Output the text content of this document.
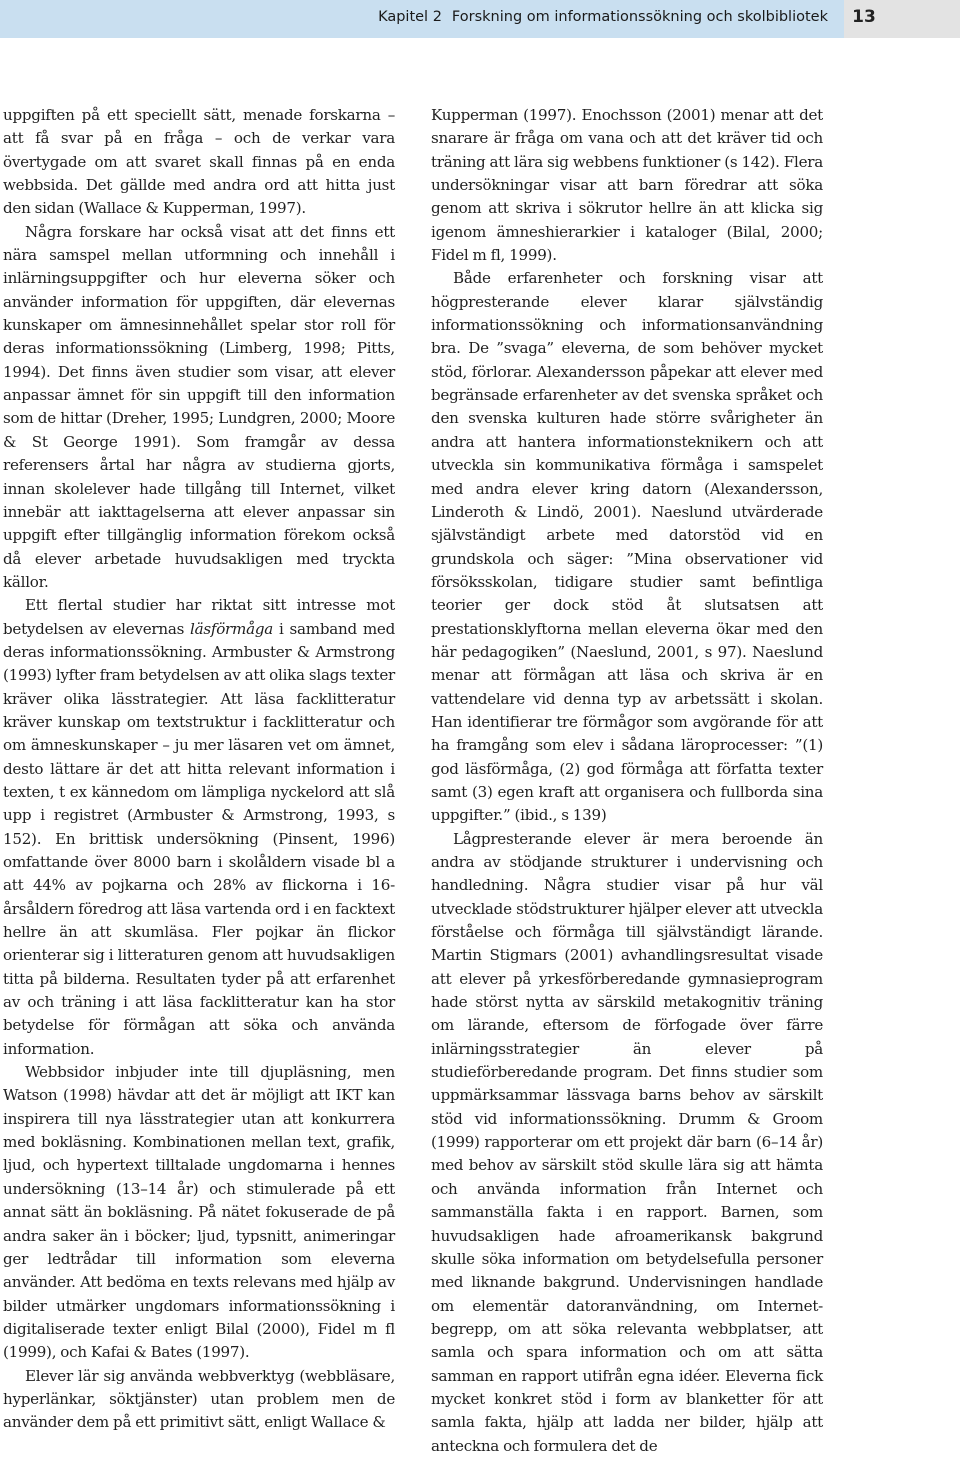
Kapitel 2 Forskning om informationssökning och skolbibliotek	13

uppgiften på ett speciellt sätt, menade forskarna – att få svar på en fråga – och de verkar vara övertygade om att svaret skall finnas på en enda webbsida. Det gällde med andra ord att hitta just den sidan (Wallace & Kupperman, 1997).

Några forskare har också visat att det finns ett nära samspel mellan utformning och innehåll i inlärningsuppgifter och hur eleverna söker och använder information för uppgiften, där elevernas kunskaper om ämnesinnehållet spelar stor roll för deras informationssökning (Limberg, 1998; Pitts, 1994). Det finns även studier som visar, att elever anpassar ämnet för sin uppgift till den information som de hittar (Dreher, 1995; Lundgren, 2000; Moore & St George 1991). Som framgår av dessa referensers årtal har några av studierna gjorts, innan skolelever hade tillgång till Internet, vilket innebär att iakttagelserna att elever anpassar sin uppgift efter tillgänglig information förekom också då elever arbetade huvudsakligen med tryckta källor.

Ett flertal studier har riktat sitt intresse mot betydelsen av elevernas läsförmåga i samband med deras informationssökning. Armbuster & Armstrong (1993) lyfter fram betydelsen av att olika slags texter kräver olika lässtrategier. Att läsa facklitteratur kräver kunskap om textstruktur i facklitteratur och om ämneskunskaper – ju mer läsaren vet om ämnet, desto lättare är det att hitta relevant information i texten, t ex kännedom om lämpliga nyckelord att slå upp i registret (Armbuster & Armstrong, 1993, s 152). En brittisk undersökning (Pinsent, 1996) omfattande över 8000 barn i skolåldern visade bl a att 44% av pojkarna och 28% av flickorna i 16-årsåldern föredrog att läsa vartenda ord i en facktext hellre än att skumläsa. Fler pojkar än flickor orienterar sig i litteraturen genom att huvudsakligen titta på bilderna. Resultaten tyder på att erfarenhet av och träning i att läsa facklitteratur kan ha stor betydelse för förmågan att söka och använda information.

Webbsidor inbjuder inte till djupläsning, men Watson (1998) hävdar att det är möjligt att IKT kan inspirera till nya lässtrategier utan att konkurrera med bokläsning. Kombinationen mellan text, grafik, ljud, och hypertext tilltalade ungdomarna i hennes undersökning (13–14 år) och stimulerade på ett annat sätt än bokläsning. På nätet fokuserade de på andra saker än i böcker; ljud, typsnitt, animeringar ger ledtrådar till information som eleverna använder. Att bedöma en texts relevans med hjälp av bilder utmärker ungdomars informationssökning i digitaliserade texter enligt Bilal (2000), Fidel m fl (1999), och Kafai & Bates (1997).

Elever lär sig använda webbverktyg (webbläsare, hyperlänkar, söktjänster) utan problem men de använder dem på ett primitivt sätt, enligt Wallace &

Kupperman (1997). Enochsson (2001) menar att det snarare är fråga om vana och att det kräver tid och träning att lära sig webbens funktioner (s 142). Flera undersökningar visar att barn föredrar att söka genom att skriva i sökrutor hellre än att klicka sig igenom ämneshierarkier i kataloger (Bilal, 2000; Fidel m fl, 1999).

Både erfarenheter och forskning visar att högpresterande elever klarar självständig informationssökning och informationsanvändning bra. De ”svaga” eleverna, de som behöver mycket stöd, förlorar. Alexandersson påpekar att elever med begränsade erfarenheter av det svenska språket och den svenska kulturen hade större svårigheter än andra att hantera informationsteknikern och att utveckla sin kommunikativa förmåga i samspelet med andra elever kring datorn (Alexandersson, Linderoth & Lindö, 2001). Naeslund utvärderade självständigt arbete med datorstöd vid en grundskola och säger: ”Mina observationer vid försöksskolan, tidigare studier samt befintliga teorier ger dock stöd åt slutsatsen att prestationsklyftorna mellan eleverna ökar med den här pedagogiken” (Naeslund, 2001, s 97). Naeslund menar att förmågan att läsa och skriva är en vattendelare vid denna typ av arbetssätt i skolan. Han identifierar tre förmågor som avgörande för att ha framgång som elev i sådana läroprocesser: ”(1) god läsförmåga, (2) god förmåga att författa texter samt (3) egen kraft att organisera och fullborda sina uppgifter.” (ibid., s 139)

Lågpresterande elever är mera beroende än andra av stödjande strukturer i undervisning och handledning. Några studier visar på hur väl utvecklade stödstrukturer hjälper elever att utveckla förståelse och förmåga till självständigt lärande. Martin Stigmars (2001) avhandlingsresultat visade att elever på yrkesförberedande gymnasieprogram hade störst nytta av särskild metakognitiv träning om lärande, eftersom de förfogade över färre inlärningsstrategier än elever på studieförberedande program. Det finns studier som uppmärksammar lässvaga barns behov av särskilt stöd vid informationssökning. Drumm & Groom (1999) rapporterar om ett projekt där barn (6–14 år) med behov av särskilt stöd skulle lära sig att hämta och använda information från Internet och sammanställa fakta i en rapport. Barnen, som huvudsakligen hade afroamerikansk bakgrund skulle söka information om betydelsefulla personer med liknande bakgrund. Undervisningen handlade om elementär datoranvändning, om Internet-begrepp, om att söka relevanta webbplatser, att samla och spara information och om att sätta samman en rapport utifrån egna idéer. Eleverna fick mycket konkret stöd i form av blanketter för att samla fakta, hjälp att ladda ner bilder, hjälp att anteckna och formulera det de
